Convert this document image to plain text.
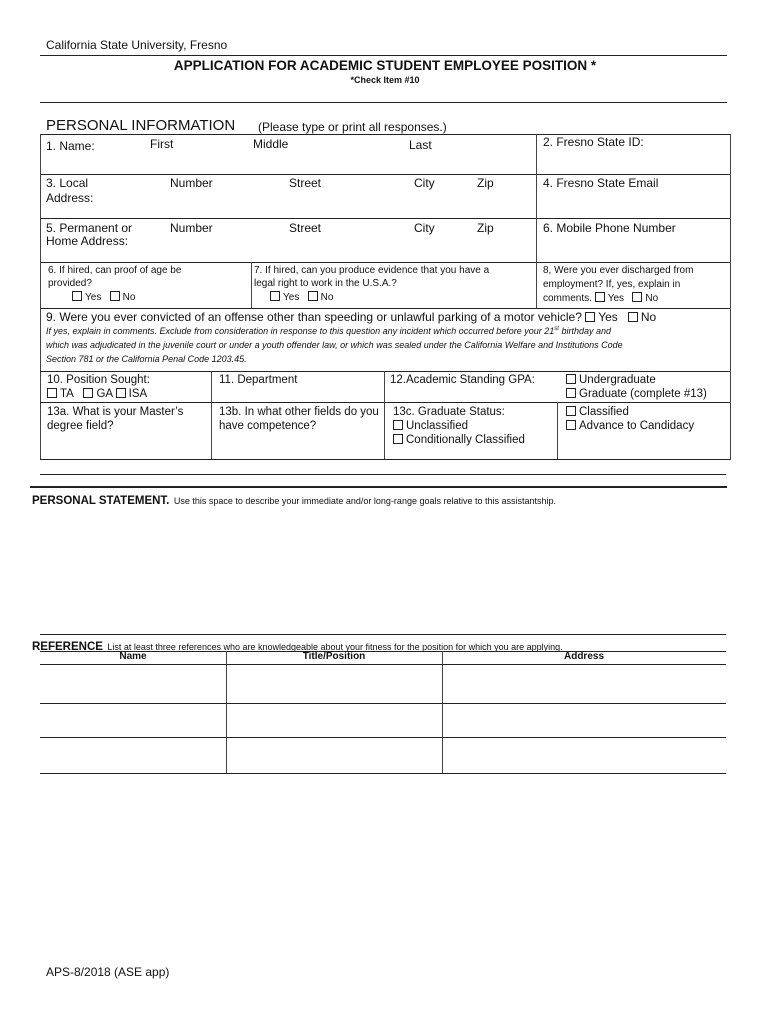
California State University, Fresno
APPLICATION FOR ACADEMIC STUDENT EMPLOYEE POSITION *
*Check Item #10
PERSONAL INFORMATION (Please type or print all responses.)
1. Name:	First	Middle	Last	2. Fresno State ID:
3. Local
Address:
Number	Street	City	Zip	4. Fresno State Email
5. Permanent or
Home Address:
Number	Street	City	Zip	6. Mobile Phone Number
6. If hired, can proof of age be
provided?
Yes No
7. If hired, can you produce evidence that you have a
legal right to work in the U.S.A.?
Yes No
8, Were you ever discharged from
employment? If, yes, explain in
comments. Yes No
9. Were you ever convicted of an offense other than speeding or unlawful parking of a motor vehicle? Yes No
If yes, explain in comments. Exclude from consideration in response to this question any incident which occurred before your 21st birthday and
which was adjudicated in the juvenile court or under a youth offender law, or which was sealed under the California Welfare and Institutions Code
Section 781 or the California Penal Code 1203.45.
10. Position Sought:
TA GA ISA
11. Department	12.Academic Standing GPA:	Undergraduate
Graduate (complete #13)
13a. What is your Master’s
degree field?
13b. In what other fields do you
have competence?
13c. Graduate Status:
Unclassified
Conditionally Classified
Classified
Advance to Candidacy
PERSONAL STATEMENT. Use this space to describe your immediate and/or long-range goals relative to this assistantship.
REFERENCE List at least three references who are knowledgeable about your fitness for the position for which you are applying.
Name	Title/Position	Address
APS-8/2018 (ASE app)
